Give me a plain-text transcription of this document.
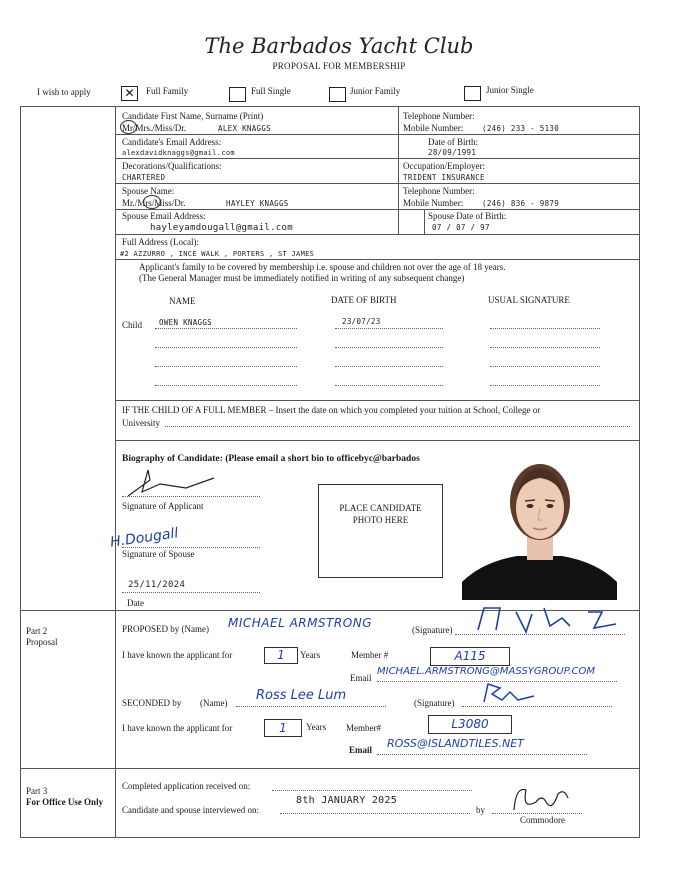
The Barbados Yacht Club
PROPOSAL FOR MEMBERSHIP
I wish to apply	✕	Full Family	Full Single	Junior Family	Junior Single
Candidate First Name, Surname (Print)
Mr/Mrs./Miss/Dr.	ALEX KNAGGS
Telephone Number:
Mobile Number:	(246) 233 - 5130
Candidate's Email Address:
alexdavidknaggs@gmail.com
Date of Birth:
28/09/1991
Decorations/Qualifications:
CHARTERED
Occupation/Employer:
TRIDENT INSURANCE
Spouse Name:
Mr./Mrs/Miss/Dr.	HAYLEY KNAGGS
Telephone Number:
Mobile Number:	(246) 836 - 9879
Spouse Email Address:
hayleyamdougall@gmail.com
Spouse Date of Birth:
07 / 07 / 97
Full Address (Local):
#2 AZZURRO , INCE WALK , PORTERS , ST JAMES
Applicant's family to be covered by membership i.e. spouse and children not over the age of 18 years.
(The General Manager must be immediately notified in writing of any subsequent change)
NAME	DATE OF BIRTH	USUAL SIGNATURE
Child OWEN KNAGGS	23/07/23
IF THE CHILD OF A FULL MEMBER – Insert the date on which you completed your tuition at School, College or
University
Biography of Candidate: (Please email a short bio to officebyc@barbados
Signature of Applicant
H.Dougall
Signature of Spouse
25/11/2024
Date
PLACE CANDIDATE PHOTO HERE
Part 2
Proposal
PROPOSED by (Name) MICHAEL ARMSTRONG	(Signature)
I have known the applicant for	1	Years	Member #	A115
Email
MICHAEL.ARMSTRONG@MASSYGROUP.COM
SECONDED by (Name) Ross Lee Lum	(Signature)
I have known the applicant for	1	Years Member#	L3080
Email ROSS@ISLANDTILES.NET
Part 3
For Office Use Only
Completed application received on:
Candidate and spouse interviewed on:
8th JANUARY 2025
by
Commodore
